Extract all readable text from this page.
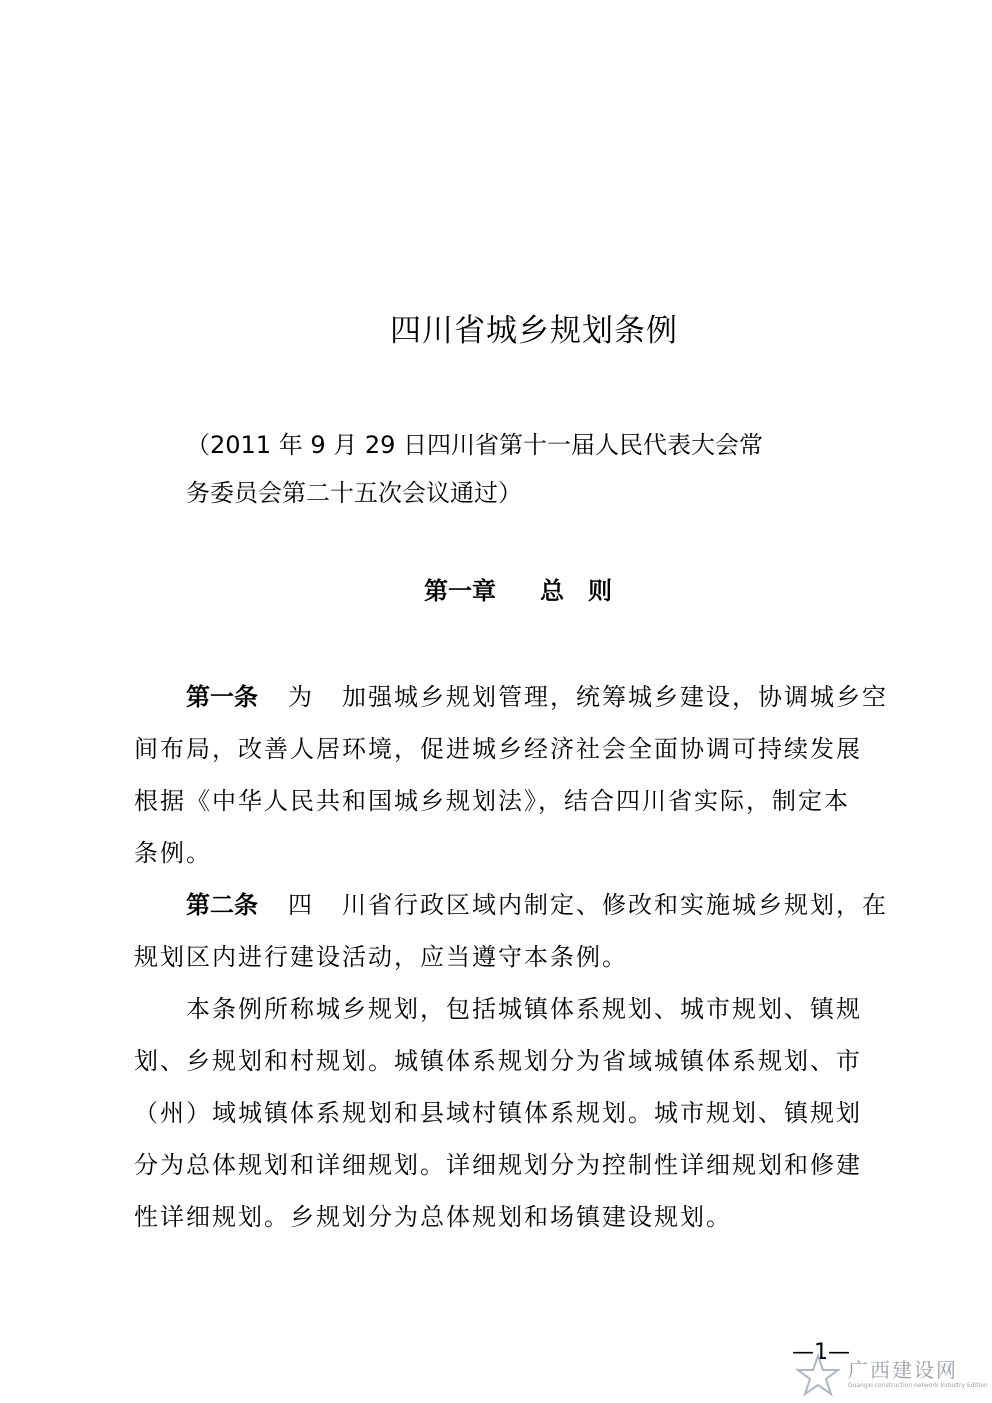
四川省城乡规划条例
（2011 年 9 月 29 日四川省第十一届人民代表大会常
务委员会第二十五次会议通过）
第一章 总 则
第一条 为 加强城乡规划管理，统筹城乡建设，协调城乡空
间布局，改善人居环境，促进城乡经济社会全面协调可持续发展
根据《中华人民共和国城乡规划法》，结合四川省实际，制定本
条例。
第二条 四 川省行政区域内制定、修改和实施城乡规划，在
规划区内进行建设活动，应当遵守本条例。
本条例所称城乡规划，包括城镇体系规划、城市规划、镇规
划、乡规划和村规划。城镇体系规划分为省域城镇体系规划、市
（州）域城镇体系规划和县域村镇体系规划。城市规划、镇规划
分为总体规划和详细规划。详细规划分为控制性详细规划和修建
性详细规划。乡规划分为总体规划和场镇建设规划。
—1—
广西建设网
Guangxi construction network Industry Edition
